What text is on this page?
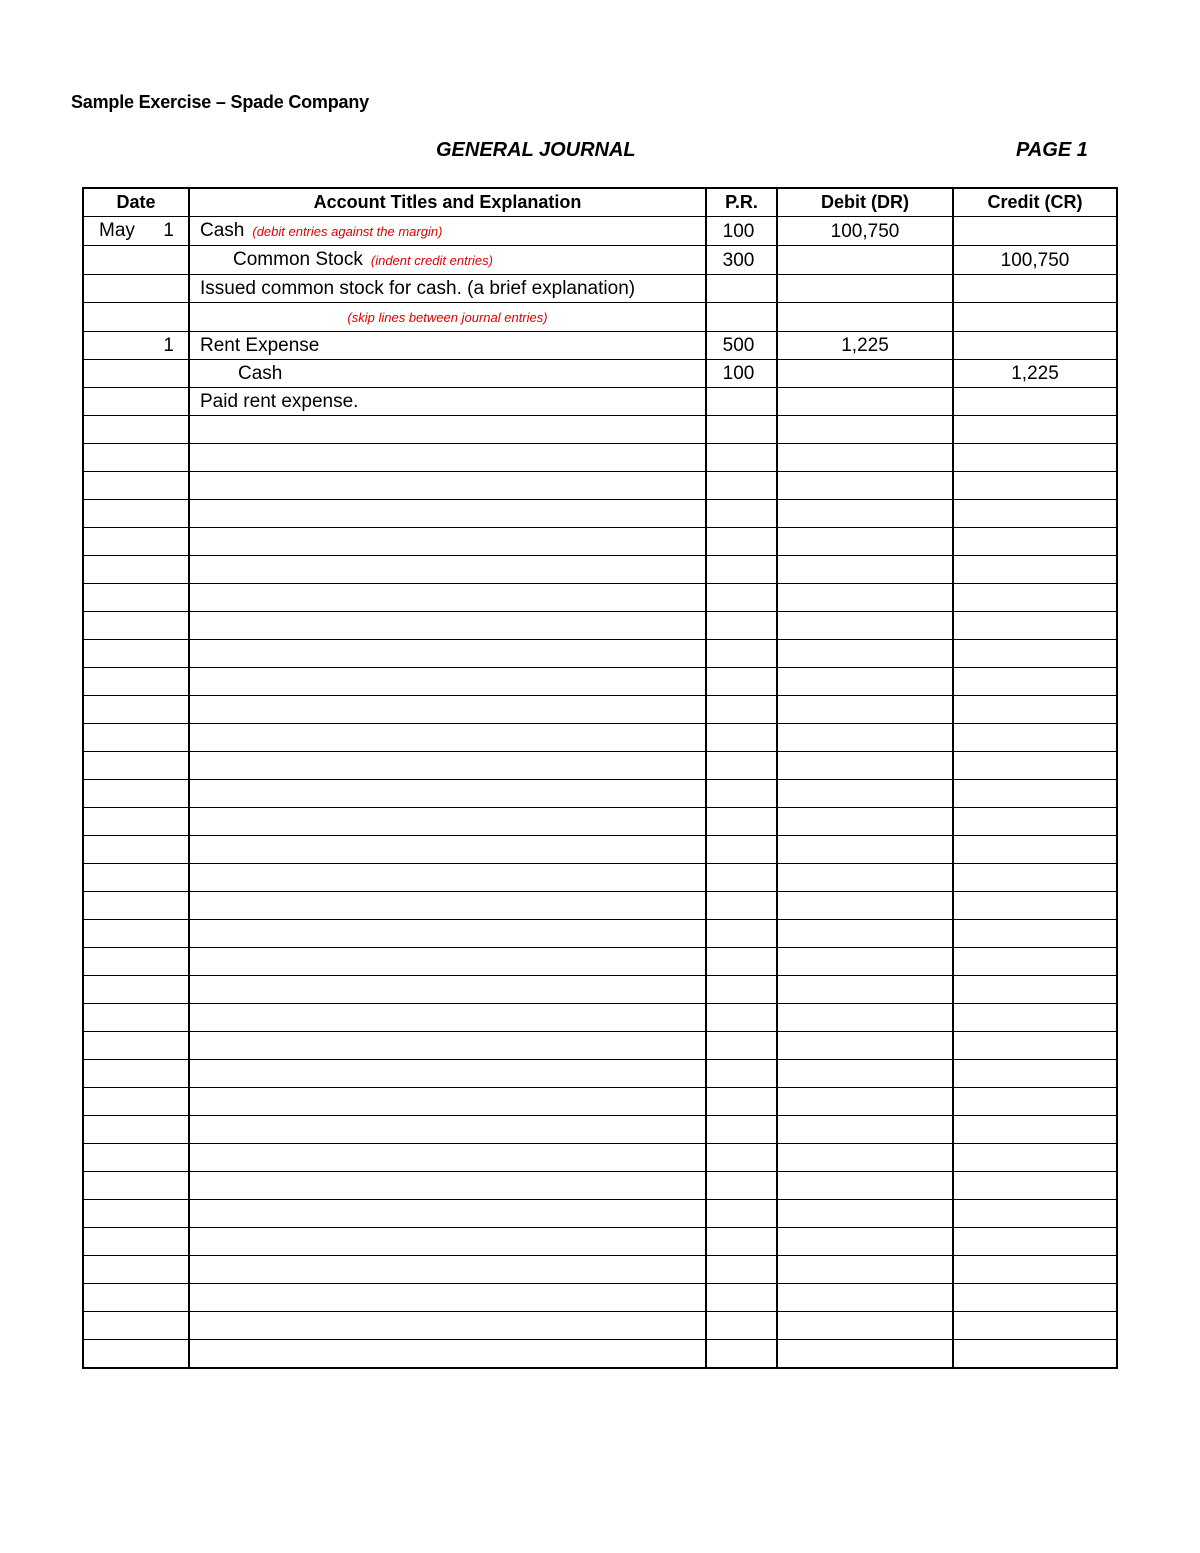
Sample Exercise – Spade Company
GENERAL JOURNAL	PAGE 1
Date	Account Titles and Explanation	P.R.	Debit (DR)	Credit (CR)

May 1	Cash (debit entries against the margin)	100	100,750	
	Common Stock (indent credit entries)	300		100,750
	Issued common stock for cash. (a brief explanation)			
	(skip lines between journal entries)			

1	Rent Expense	500	1,225	
	Cash	100		1,225
	Paid rent expense.			
